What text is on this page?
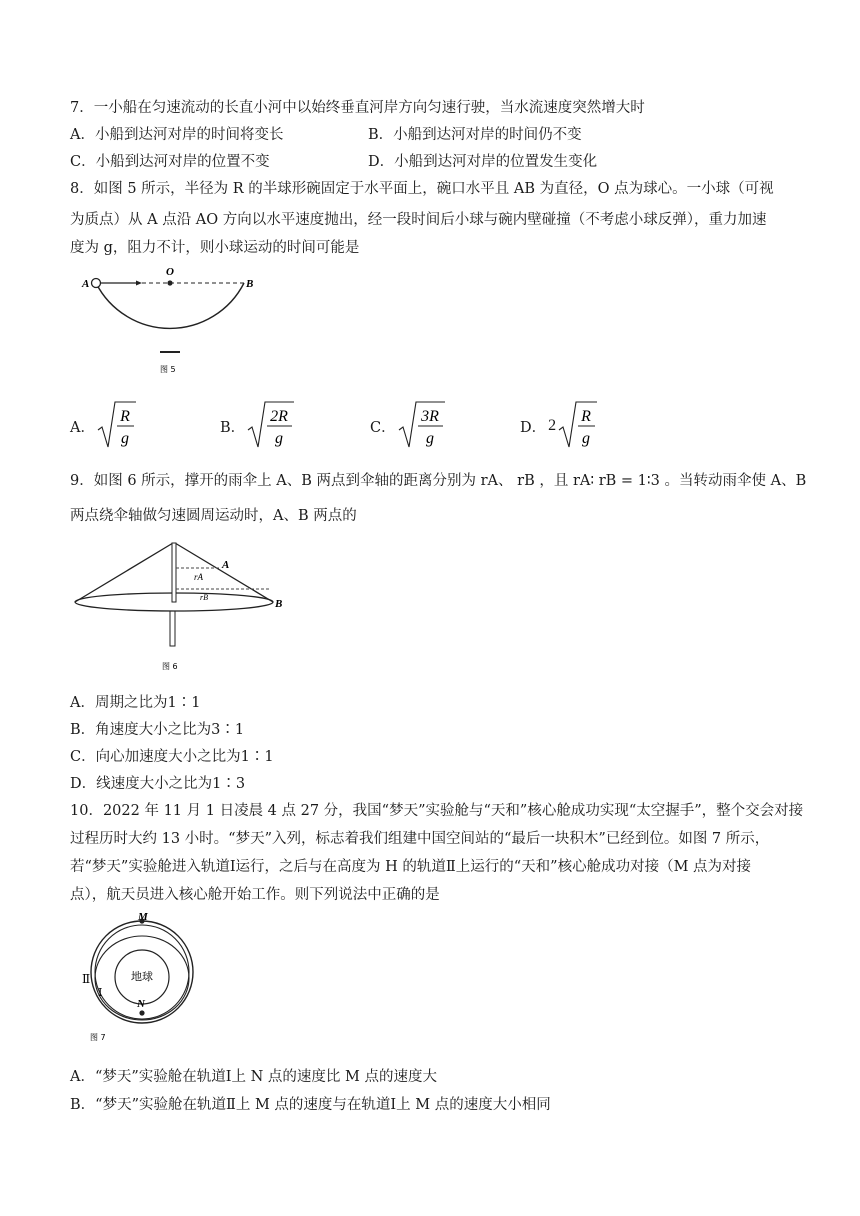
7．一小船在匀速流动的长直小河中以始终垂直河岸方向匀速行驶，当水流速度突然增大时
A．小船到达河对岸的时间将变长	B．小船到达河对岸的时间仍不变
C．小船到达河对岸的位置不变	D．小船到达河对岸的位置发生变化
8．如图 5 所示，半径为 R 的半球形碗固定于水平面上，碗口水平且 AB 为直径，O 点为球心。一小球（可视
为质点）从 A 点沿 AO 方向以水平速度抛出，经一段时间后小球与碗内壁碰撞（不考虑小球反弹），重力加速
度为 g，阻力不计，则小球运动的时间可能是
A
O
B
图 5
A．
R
g
B．
2R
g
C．
3R
g
D． 2
R
g
9．如图 6 所示，撑开的雨伞上 A、B 两点到伞轴的距离分别为 rA、 rB ，且 rA∶ rB = 1∶3 。当转动雨伞使 A、B
两点绕伞轴做匀速圆周运动时，A、B 两点的
rA
rB
A
B
图 6
A．周期之比为1∶1
B．角速度大小之比为3∶1
C．向心加速度大小之比为1∶1
D．线速度大小之比为1∶3
10．2022 年 11 月 1 日凌晨 4 点 27 分，我国“梦天”实验舱与“天和”核心舱成功实现“太空握手”，整个交会对接
过程历时大约 13 小时。“梦天”入列，标志着我们组建中国空间站的“最后一块积木”已经到位。如图 7 所示，
若“梦天”实验舱进入轨道Ⅰ运行，之后与在高度为 H 的轨道Ⅱ上运行的“天和”核心舱成功对接（M 点为对接
点），航天员进入核心舱开始工作。则下列说法中正确的是
M
N
地球
Ⅱ
Ⅰ
图 7
A．“梦天”实验舱在轨道Ⅰ上 N 点的速度比 M 点的速度大
B．“梦天”实验舱在轨道Ⅱ上 M 点的速度与在轨道Ⅰ上 M 点的速度大小相同
